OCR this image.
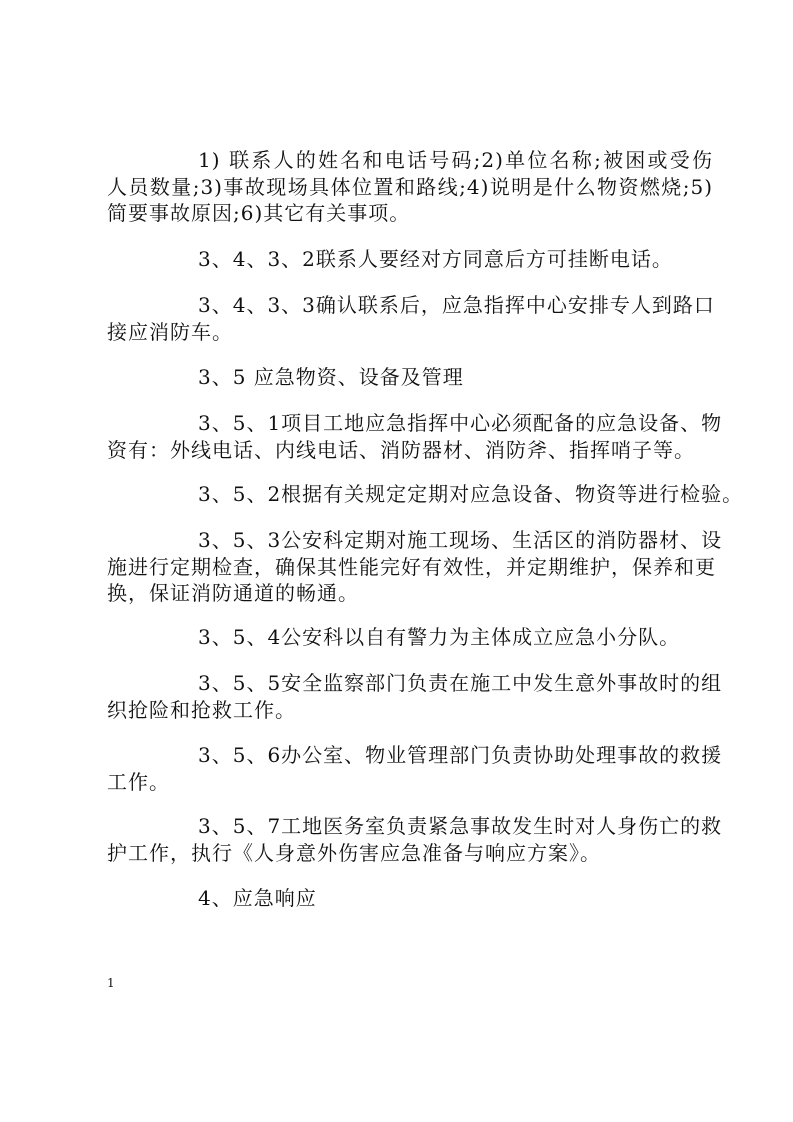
1) 联系人的姓名和电话号码;2)单位名称;被困或受伤
人员数量;3)事故现场具体位置和路线;4)说明是什么物资燃烧;5)
简要事故原因;6)其它有关事项。
3、4、3、2联系人要经对方同意后方可挂断电话。
3、4、3、3确认联系后，应急指挥中心安排专人到路口
接应消防车。
3、5 应急物资、设备及管理
3、5、1项目工地应急指挥中心必须配备的应急设备、物
资有：外线电话、内线电话、消防器材、消防斧、指挥哨子等。
3、5、2根据有关规定定期对应急设备、物资等进行检验。
3、5、3公安科定期对施工现场、生活区的消防器材、设
施进行定期检查，确保其性能完好有效性，并定期维护，保养和更
换，保证消防通道的畅通。
3、5、4公安科以自有警力为主体成立应急小分队。
3、5、5安全监察部门负责在施工中发生意外事故时的组
织抢险和抢救工作。
3、5、6办公室、物业管理部门负责协助处理事故的救援
工作。
3、5、7工地医务室负责紧急事故发生时对人身伤亡的救
护工作，执行《人身意外伤害应急准备与响应方案》。
4、应急响应
1
